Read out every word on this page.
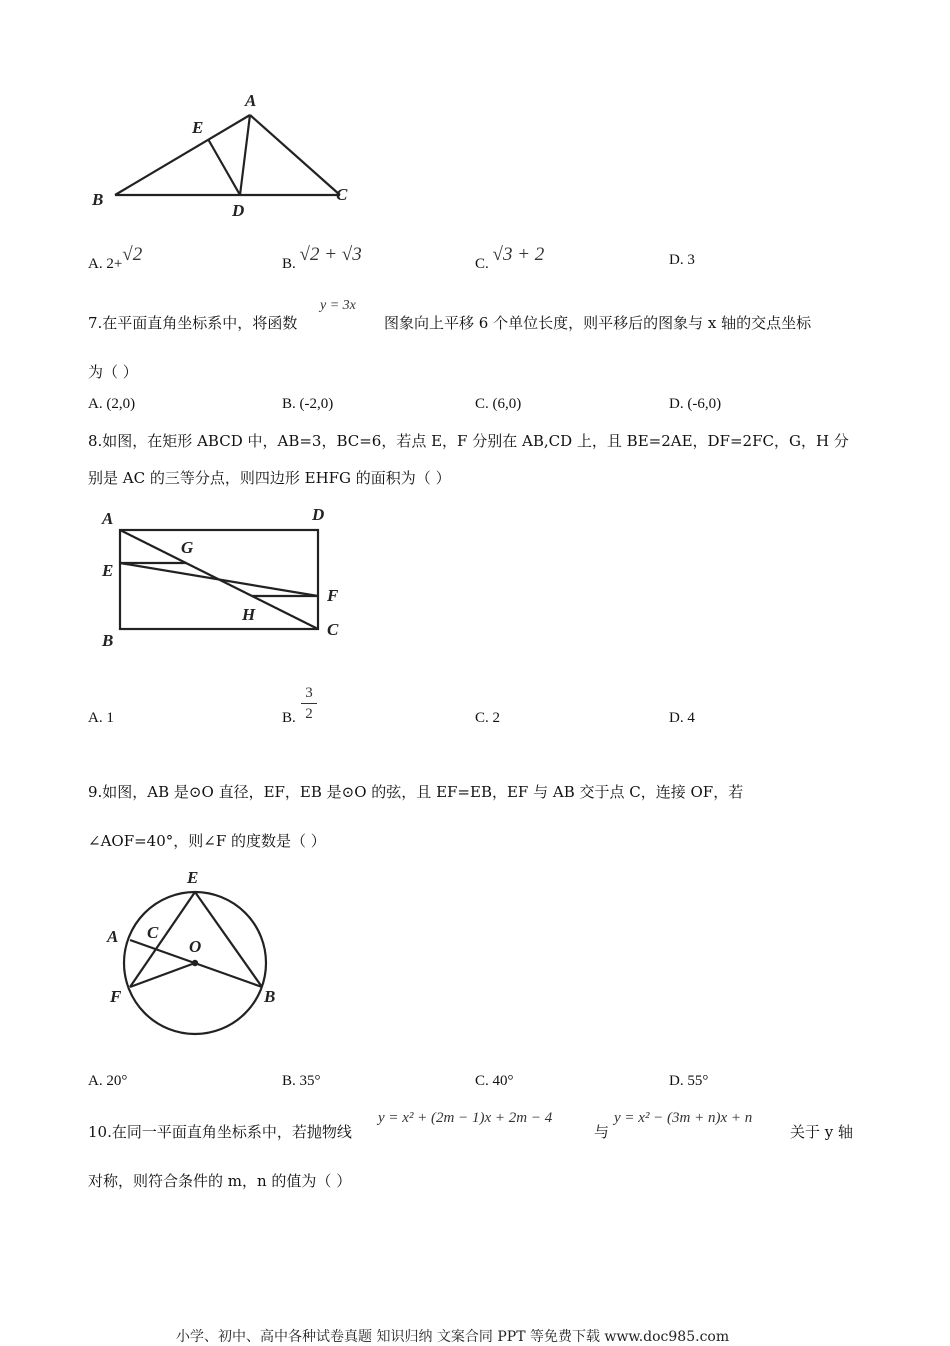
A
E
B
D
C
A. 2+√2	B. √2 + √3	C. √3 + 2	D. 3
7.在平面直角坐标系中，将函数
y = 3x
图象向上平移 6 个单位长度，则平移后的图象与 x 轴的交点坐标
为（ ）
A. (2,0)	B. (-2,0)	C. (6,0)	D. (-6,0)
8.如图，在矩形 ABCD 中，AB=3，BC=6，若点 E，F 分别在 AB,CD 上，且 BE=2AE，DF=2FC，G，H 分
别是 AC 的三等分点，则四边形 EHFG 的面积为（ ）
A	D
G
E
F
H
B
C
A. 1	B.
3
2	C. 2	D. 4
9.如图，AB 是⊙O 直径，EF，EB 是⊙O 的弦，且 EF=EB，EF 与 AB 交于点 C，连接 OF，若
∠AOF=40°，则∠F 的度数是（ ）
E
A C
O
F	B
A. 20°	B. 35°	C. 40°	D. 55°
10.在同一平面直角坐标系中，若抛物线
y = x² + (2m − 1)x + 2m − 4
与
y = x² − (3m + n)x + n
关于 y 轴
对称，则符合条件的 m，n 的值为（ ）
小学、初中、高中各种试卷真题 知识归纳 文案合同 PPT 等免费下载 www.doc985.com
